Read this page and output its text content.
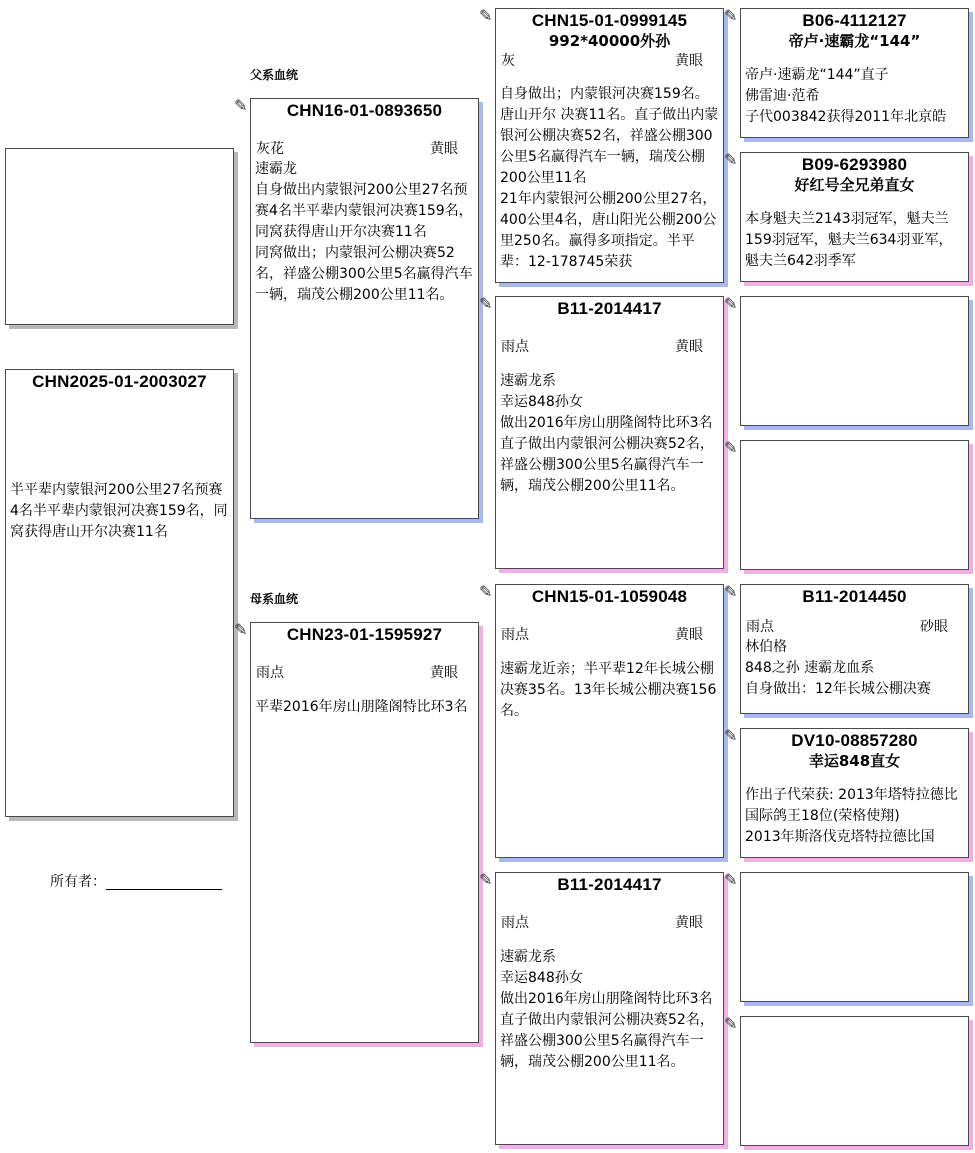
父系血统
母系血统
CHN2025-01-2003027
半平辈内蒙银河200公里27名预赛4名半平辈内蒙银河决赛159名，同窝获得唐山开尔决赛11名
所有者：
✎	CHN16-01-0893650
灰花	黄眼
速霸龙
自身做出内蒙银河200公里27名预赛4名半平辈内蒙银河决赛159名，同窝获得唐山开尔决赛11名
同窝做出；内蒙银河公棚决赛52名，祥盛公棚300公里5名赢得汽车一辆，瑞茂公棚200公里11名。
✎	CHN23-01-1595927
雨点	黄眼
平辈2016年房山朋隆阁特比环3名
✎	CHN15-01-0999145
992*40000外孙
灰	黄眼
自身做出；内蒙银河决赛159名。唐山开尔 决赛11名。直子做出内蒙银河公棚决赛52名，祥盛公棚300公里5名赢得汽车一辆，瑞茂公棚200公里11名
21年内蒙银河公棚200公里27名，400公里4名，唐山阳光公棚200公里250名。赢得多项指定。半平辈：12-178745荣获
✎	B11-2014417
雨点	黄眼
速霸龙系
幸运848孙女
做出2016年房山朋隆阁特比环3名
直子做出内蒙银河公棚决赛52名，祥盛公棚300公里5名赢得汽车一辆，瑞茂公棚200公里11名。
✎	CHN15-01-1059048
雨点	黄眼
速霸龙近亲；半平辈12年长城公棚决赛35名。13年长城公棚决赛156名。
✎	B11-2014417
雨点	黄眼
速霸龙系
幸运848孙女
做出2016年房山朋隆阁特比环3名
直子做出内蒙银河公棚决赛52名，祥盛公棚300公里5名赢得汽车一辆，瑞茂公棚200公里11名。
✎	B06-4112127
帝卢·速霸龙“144”
帝卢·速霸龙“144”直子
佛雷迪·范希
子代003842获得2011年北京皓
✎	B09-6293980
好红号全兄弟直女
本身魁夫兰2143羽冠军，魁夫兰159羽冠军，魁夫兰634羽亚军，魁夫兰642羽季军
✎
✎
✎	B11-2014450
雨点	砂眼
林伯格
848之孙 速霸龙血系
自身做出：12年长城公棚决赛
✎	DV10-08857280
幸运848直女
作出子代荣获: 2013年塔特拉德比国际鸽王18位(荣格使翔)
2013年斯洛伐克塔特拉德比国
✎
✎
